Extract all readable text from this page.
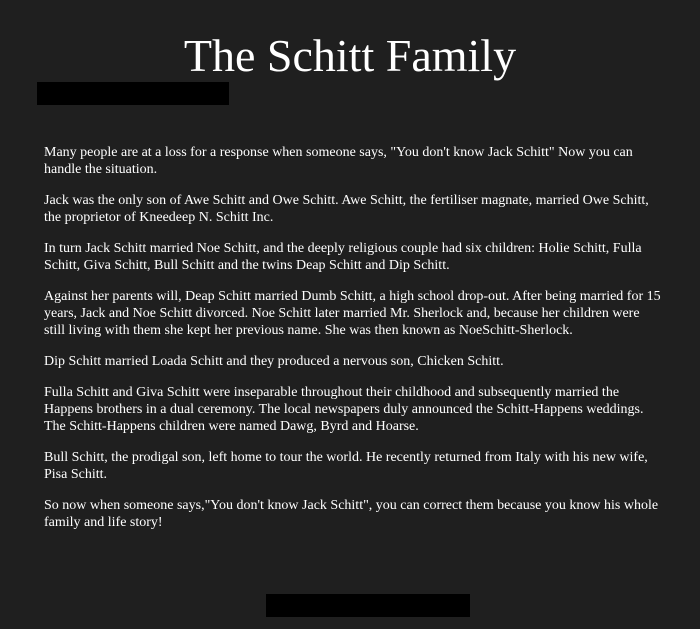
The Schitt Family

Many people are at a loss for a response when someone says, "You don't know Jack Schitt" Now you can handle the situation.

Jack was the only son of Awe Schitt and Owe Schitt. Awe Schitt, the fertiliser magnate, married Owe Schitt, the proprietor of Kneedeep N. Schitt Inc.

In turn Jack Schitt married Noe Schitt, and the deeply religious couple had six children: Holie Schitt, Fulla Schitt, Giva Schitt, Bull Schitt and the twins Deap Schitt and Dip Schitt.

Against her parents will, Deap Schitt married Dumb Schitt, a high school drop-out. After being married for 15 years, Jack and Noe Schitt divorced. Noe Schitt later married Mr. Sherlock and, because her children were still living with them she kept her previous name. She was then known as NoeSchitt-Sherlock.

Dip Schitt married Loada Schitt and they produced a nervous son, Chicken Schitt.

Fulla Schitt and Giva Schitt were inseparable throughout their childhood and subsequently married the Happens brothers in a dual ceremony. The local newspapers duly announced the Schitt-Happens weddings. The Schitt-Happens children were named Dawg, Byrd and Hoarse.

Bull Schitt, the prodigal son, left home to tour the world. He recently returned from Italy with his new wife, Pisa Schitt.

So now when someone says,"You don't know Jack Schitt", you can correct them because you know his whole family and life story!
